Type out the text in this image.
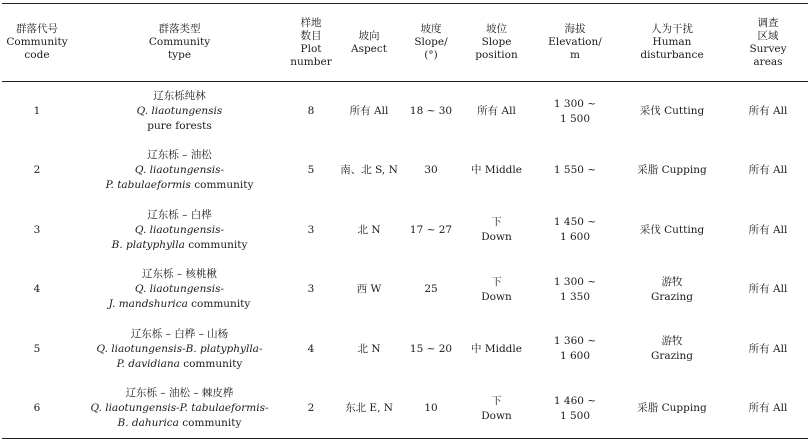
群落代号
Community
code	群落类型
Community
type	样地
数目
Plot
number	坡向
Aspect	坡度
Slope/
(°)	坡位
Slope
position	海拔
Elevation/
m	人为干扰
Human
disturbance	调查
区域
Survey
areas

1	辽东栎纯林
Q. liaotungensis
pure forests	8	所有 All	18 ~ 30	所有 All	1 300 ~
1 500	采伐 Cutting	所有 All
2	辽东栎 – 油松
Q. liaotungensis-
P. tabulaeformis community	5	南、北 S, N	30	中 Middle	1 550 ~	采脂 Cupping	所有 All
3	辽东栎 – 白桦
Q. liaotungensis-
B. platyphylla community	3	北 N	17 ~ 27	下
Down	1 450 ~
1 600	采伐 Cutting	所有 All
4	辽东栎 – 核桃楸
Q. liaotungensis-
J. mandshurica community	3	西 W	25	下
Down	1 300 ~
1 350	游牧
Grazing	所有 All
5	辽东栎 – 白桦 – 山杨
Q. liaotungensis-B. platyphylla-
P. davidiana community	4	北 N	15 ~ 20	中 Middle	1 360 ~
1 600	游牧
Grazing	所有 All
6	辽东栎 – 油松 – 棘皮桦
Q. liaotungensis-P. tabulaeformis-
B. dahurica community	2	东北 E, N	10	下
Down	1 460 ~
1 500	采脂 Cupping	所有 All
